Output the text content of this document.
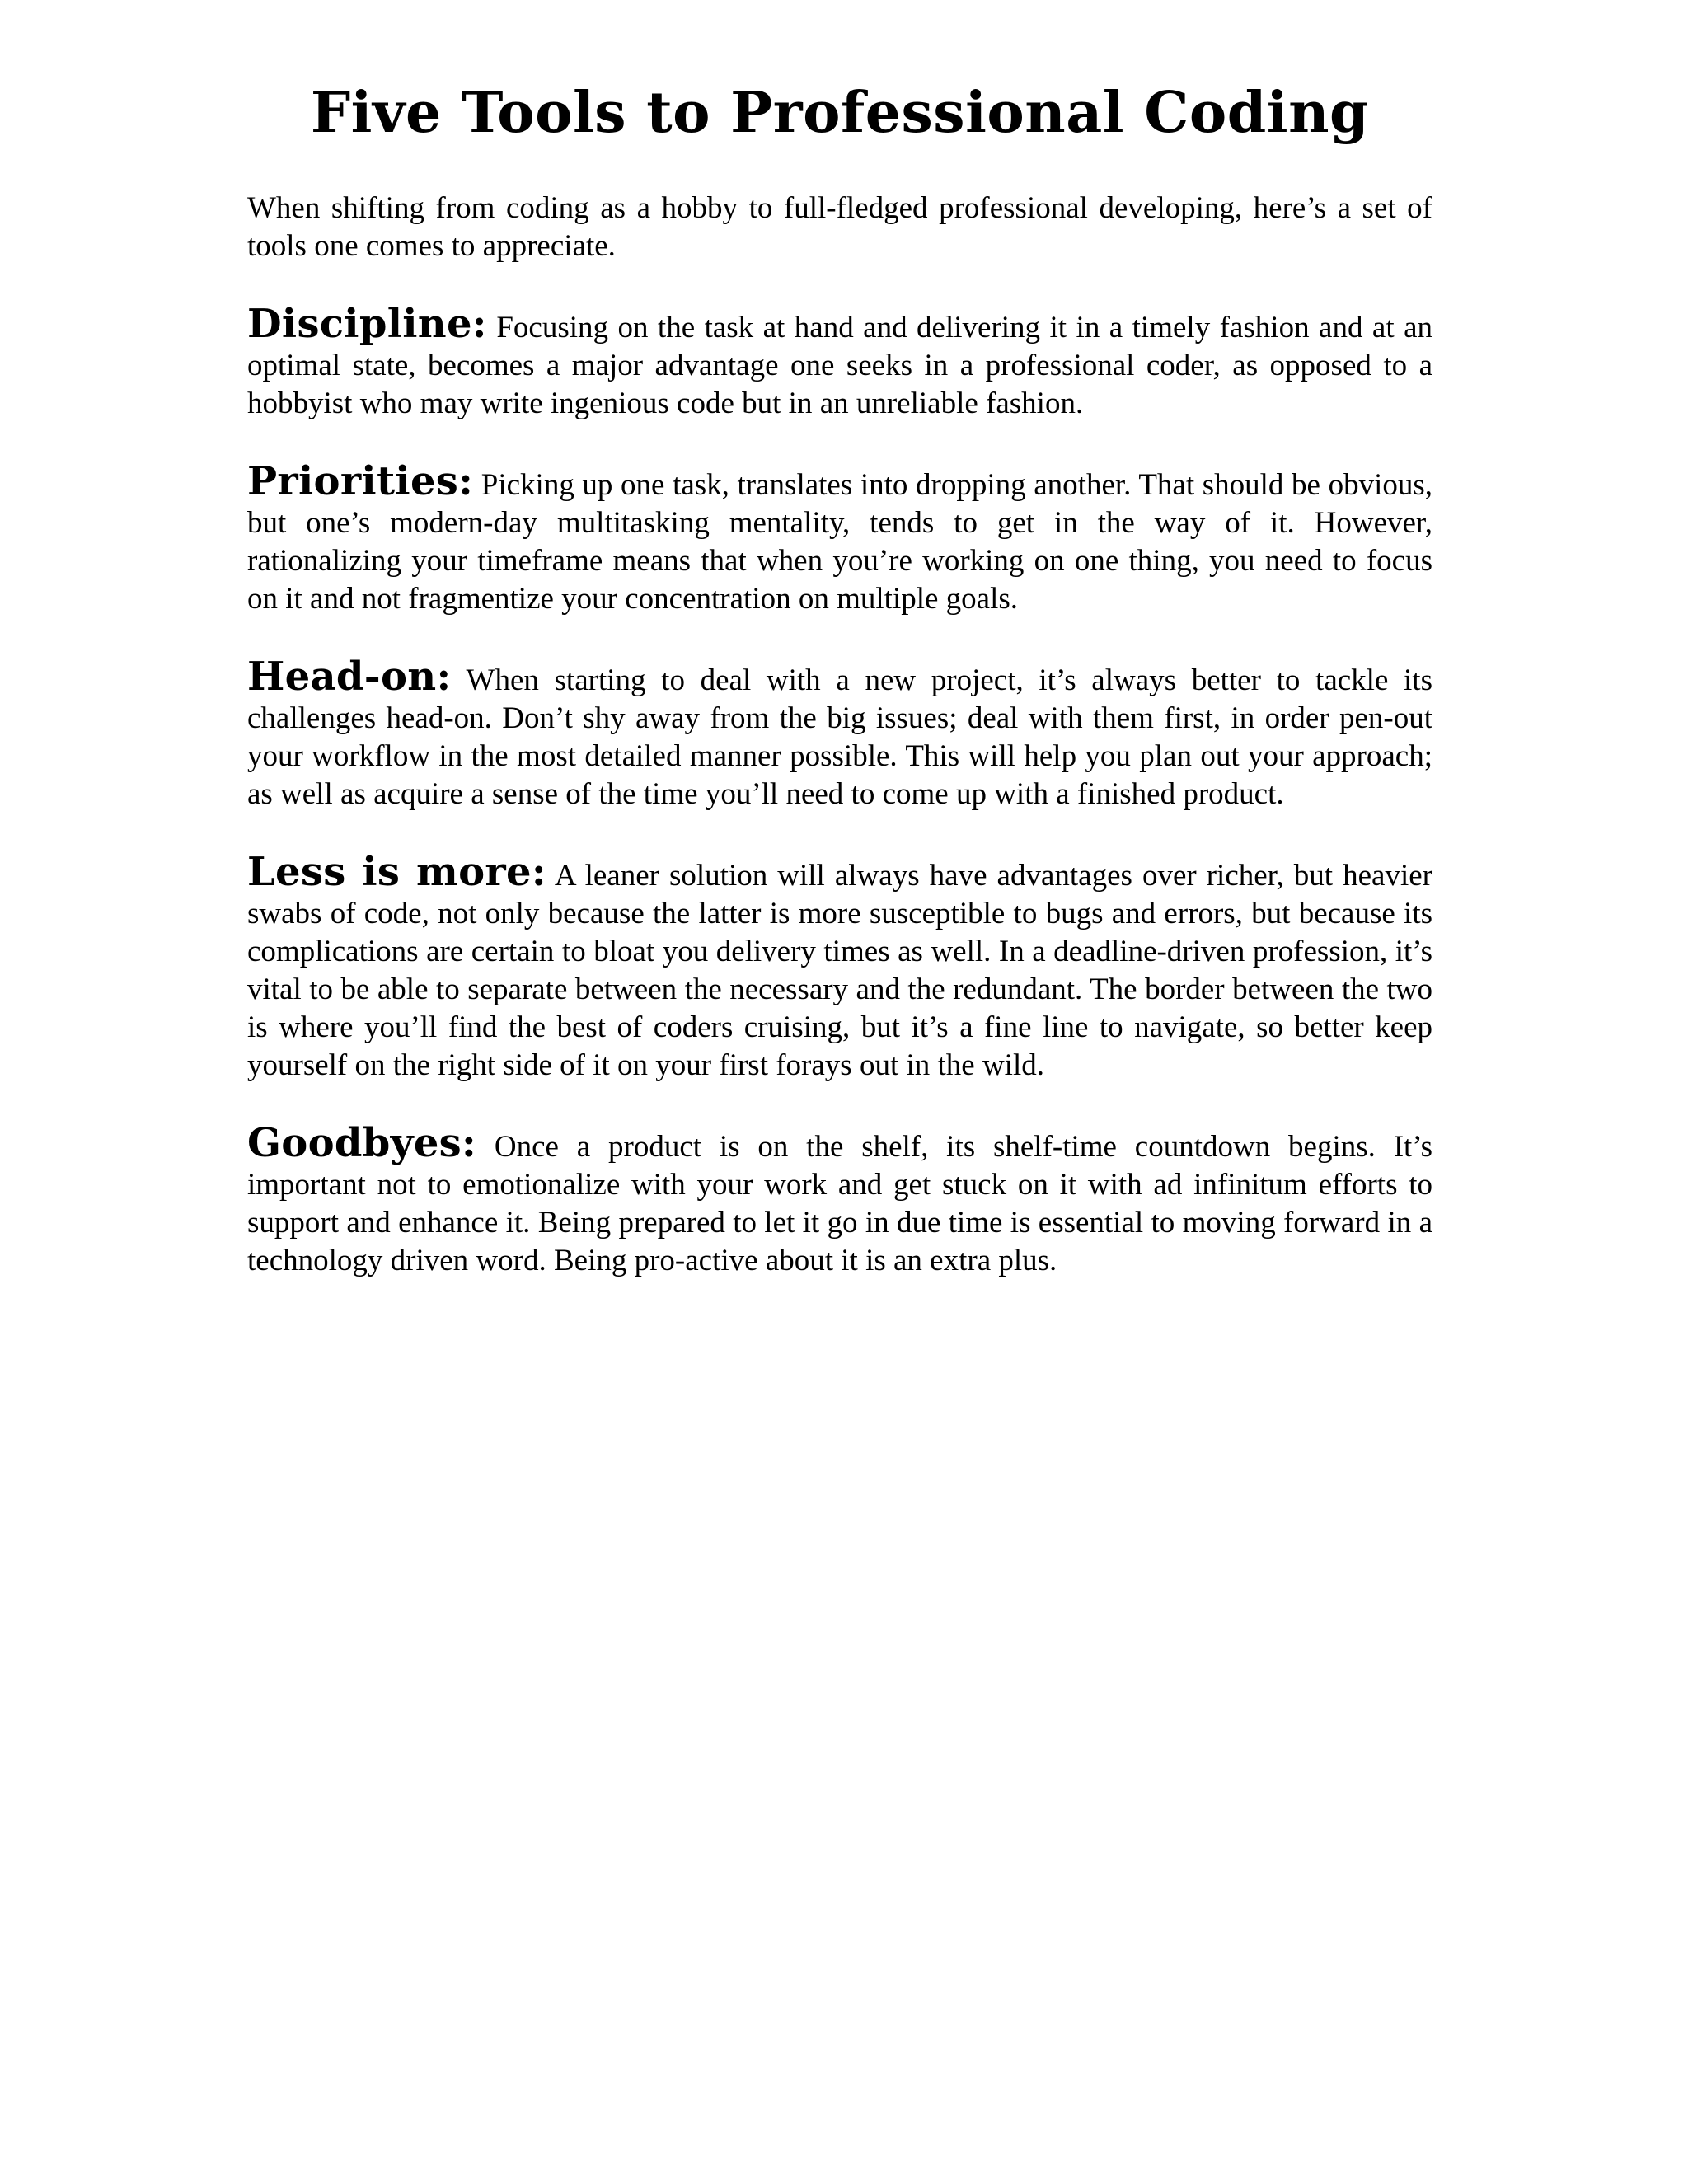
Five Tools to Professional Coding

When shifting from coding as a hobby to full-fledged professional developing, here’s a set of tools one comes to appreciate.

Discipline: Focusing on the task at hand and delivering it in a timely fashion and at an optimal state, becomes a major advantage one seeks in a professional coder, as opposed to a hobbyist who may write ingenious code but in an unreliable fashion.

Priorities: Picking up one task, translates into dropping another. That should be obvious, but one’s modern-day multitasking mentality, tends to get in the way of it. However, rationalizing your timeframe means that when you’re working on one thing, you need to focus on it and not fragmentize your concentration on multiple goals.

Head-on: When starting to deal with a new project, it’s always better to tackle its challenges head-on. Don’t shy away from the big issues; deal with them first, in order pen-out your workflow in the most detailed manner possible. This will help you plan out your approach; as well as acquire a sense of the time you’ll need to come up with a finished product.

Less is more: A leaner solution will always have advantages over richer, but heavier swabs of code, not only because the latter is more susceptible to bugs and errors, but because its complications are certain to bloat you delivery times as well. In a deadline-driven profession, it’s vital to be able to separate between the necessary and the redundant. The border between the two is where you’ll find the best of coders cruising, but it’s a fine line to navigate, so better keep yourself on the right side of it on your first forays out in the wild.

Goodbyes: Once a product is on the shelf, its shelf-time countdown begins. It’s important not to emotionalize with your work and get stuck on it with ad infinitum efforts to support and enhance it. Being prepared to let it go in due time is essential to moving forward in a technology driven word. Being pro-active about it is an extra plus.
